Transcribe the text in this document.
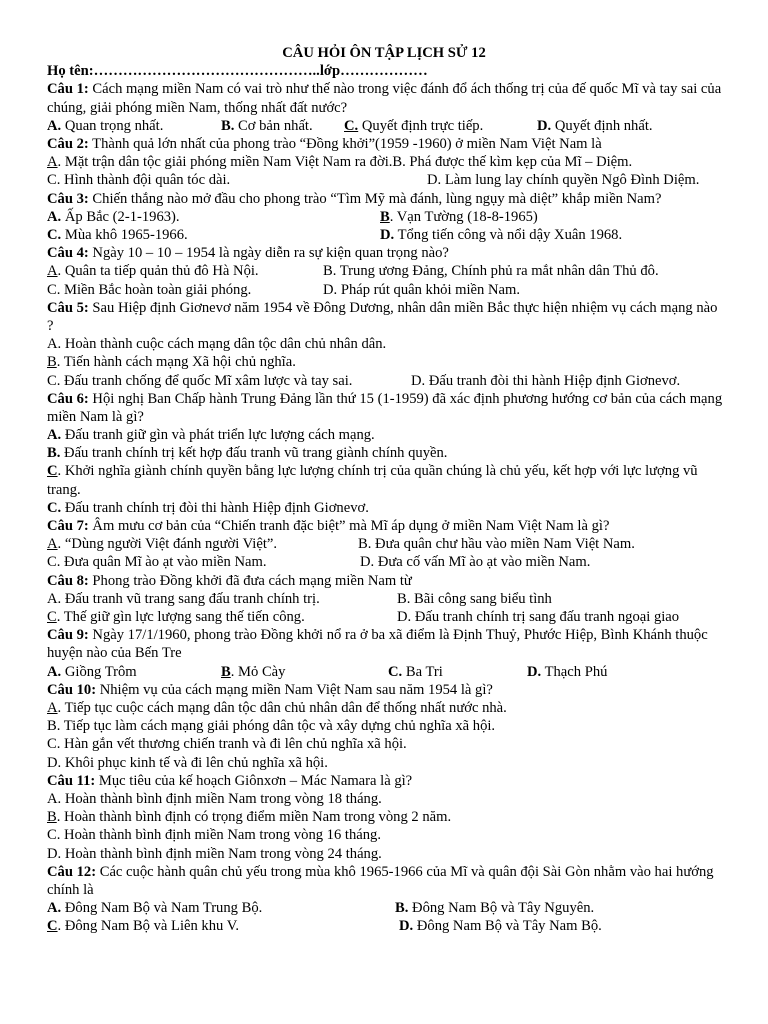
CÂU HỎI ÔN TẬP LỊCH SỬ 12
Họ tên:………………………………………..lớp………………
Câu 1: Cách mạng miền Nam có vai trò như thế nào trong việc đánh đổ ách thống trị của đế quốc Mĩ và tay sai của chúng, giải phóng miền Nam, thống nhất đất nước?
A. Quan trọng nhất.	B. Cơ bản nhất. C. Quyết định trực tiếp.	D. Quyết định nhất.
Câu 2: Thành quả lớn nhất của phong trào “Đồng khởi”(1959 -1960) ở miền Nam Việt Nam là
A. Mặt trận dân tộc giải phóng miền Nam Việt Nam ra đời.B. Phá được thế kìm kẹp của Mĩ – Diệm.
C. Hình thành đội quân tóc dài.	D. Làm lung lay chính quyền Ngô Đình Diệm.
Câu 3: Chiến thắng nào mở đầu cho phong trào “Tìm Mỹ mà đánh, lùng ngụy mà diệt” khắp miền Nam?
A. Ấp Bắc (2-1-1963).	B. Vạn Tường (18-8-1965)
C. Mùa khô 1965-1966.	D. Tổng tiến công và nổi dậy Xuân 1968.
Câu 4: Ngày 10 – 10 – 1954 là ngày diễn ra sự kiện quan trọng nào?
A. Quân ta tiếp quản thủ đô Hà Nội.	B. Trung ương Đảng, Chính phủ ra mắt nhân dân Thủ đô.
C. Miền Bắc hoàn toàn giải phóng.	D. Pháp rút quân khỏi miền Nam.
Câu 5: Sau Hiệp định Giơnevơ năm 1954 về Đông Dương, nhân dân miền Bắc thực hiện nhiệm vụ cách mạng nào ?
A. Hoàn thành cuộc cách mạng dân tộc dân chủ nhân dân.
B. Tiến hành cách mạng Xã hội chủ nghĩa.
C. Đấu tranh chống để quốc Mĩ xâm lược và tay sai.	D. Đấu tranh đòi thi hành Hiệp định Giơnevơ.
Câu 6: Hội nghị Ban Chấp hành Trung Đảng lần thứ 15 (1-1959) đã xác định phương hướng cơ bản của cách mạng miền Nam là gì?
A. Đấu tranh giữ gìn và phát triển lực lượng cách mạng.
B. Đấu tranh chính trị kết hợp đấu tranh vũ trang giành chính quyền.
C. Khởi nghĩa giành chính quyền bằng lực lượng chính trị của quần chúng là chủ yếu, kết hợp với lực lượng vũ trang.
C. Đấu tranh chính trị đòi thi hành Hiệp định Giơnevơ.
Câu 7: Âm mưu cơ bản của “Chiến tranh đặc biệt” mà Mĩ áp dụng ở miền Nam Việt Nam là gì?
A. “Dùng người Việt đánh người Việt”.	B. Đưa quân chư hầu vào miền Nam Việt Nam.
C. Đưa quân Mĩ ào ạt vào miền Nam.	D. Đưa cố vấn Mĩ ào ạt vào miền Nam.
Câu 8: Phong trào Đồng khởi đã đưa cách mạng miền Nam từ
A. Đấu tranh vũ trang sang đấu tranh chính trị.	B. Bãi công sang biểu tình
C. Thế giữ gìn lực lượng sang thế tiến công.	D. Đấu tranh chính trị sang đấu tranh ngoại giao
Câu 9: Ngày 17/1/1960, phong trào Đồng khởi nổ ra ở ba xã điểm là Định Thuỷ, Phước Hiệp, Bình Khánh thuộc huyện nào của Bến Tre
A. Giồng Trôm	B. Mỏ Cày	C. Ba Tri	D. Thạch Phú
Câu 10: Nhiệm vụ của cách mạng miền Nam Việt Nam sau năm 1954 là gì?
A. Tiếp tục cuộc cách mạng dân tộc dân chủ nhân dân để thống nhất nước nhà.
B. Tiếp tục làm cách mạng giải phóng dân tộc và xây dựng chủ nghĩa xã hội.
C. Hàn gắn vết thương chiến tranh và đi lên chủ nghĩa xã hội.
D. Khôi phục kinh tế và đi lên chủ nghĩa xã hội.
Câu 11: Mục tiêu của kế hoạch Giônxơn – Mác Namara là gì?
A. Hoàn thành bình định miền Nam trong vòng 18 tháng.
B. Hoàn thành bình định có trọng điểm miền Nam trong vòng 2 năm.
C. Hoàn thành bình định miền Nam trong vòng 16 tháng.
D. Hoàn thành bình định miền Nam trong vòng 24 tháng.
Câu 12: Các cuộc hành quân chủ yếu trong mùa khô 1965-1966 của Mĩ và quân đội Sài Gòn nhằm vào hai hướng chính là
A. Đông Nam Bộ và Nam Trung Bộ.	B. Đông Nam Bộ và Tây Nguyên.
C. Đông Nam Bộ và Liên khu V.	D. Đông Nam Bộ và Tây Nam Bộ.
